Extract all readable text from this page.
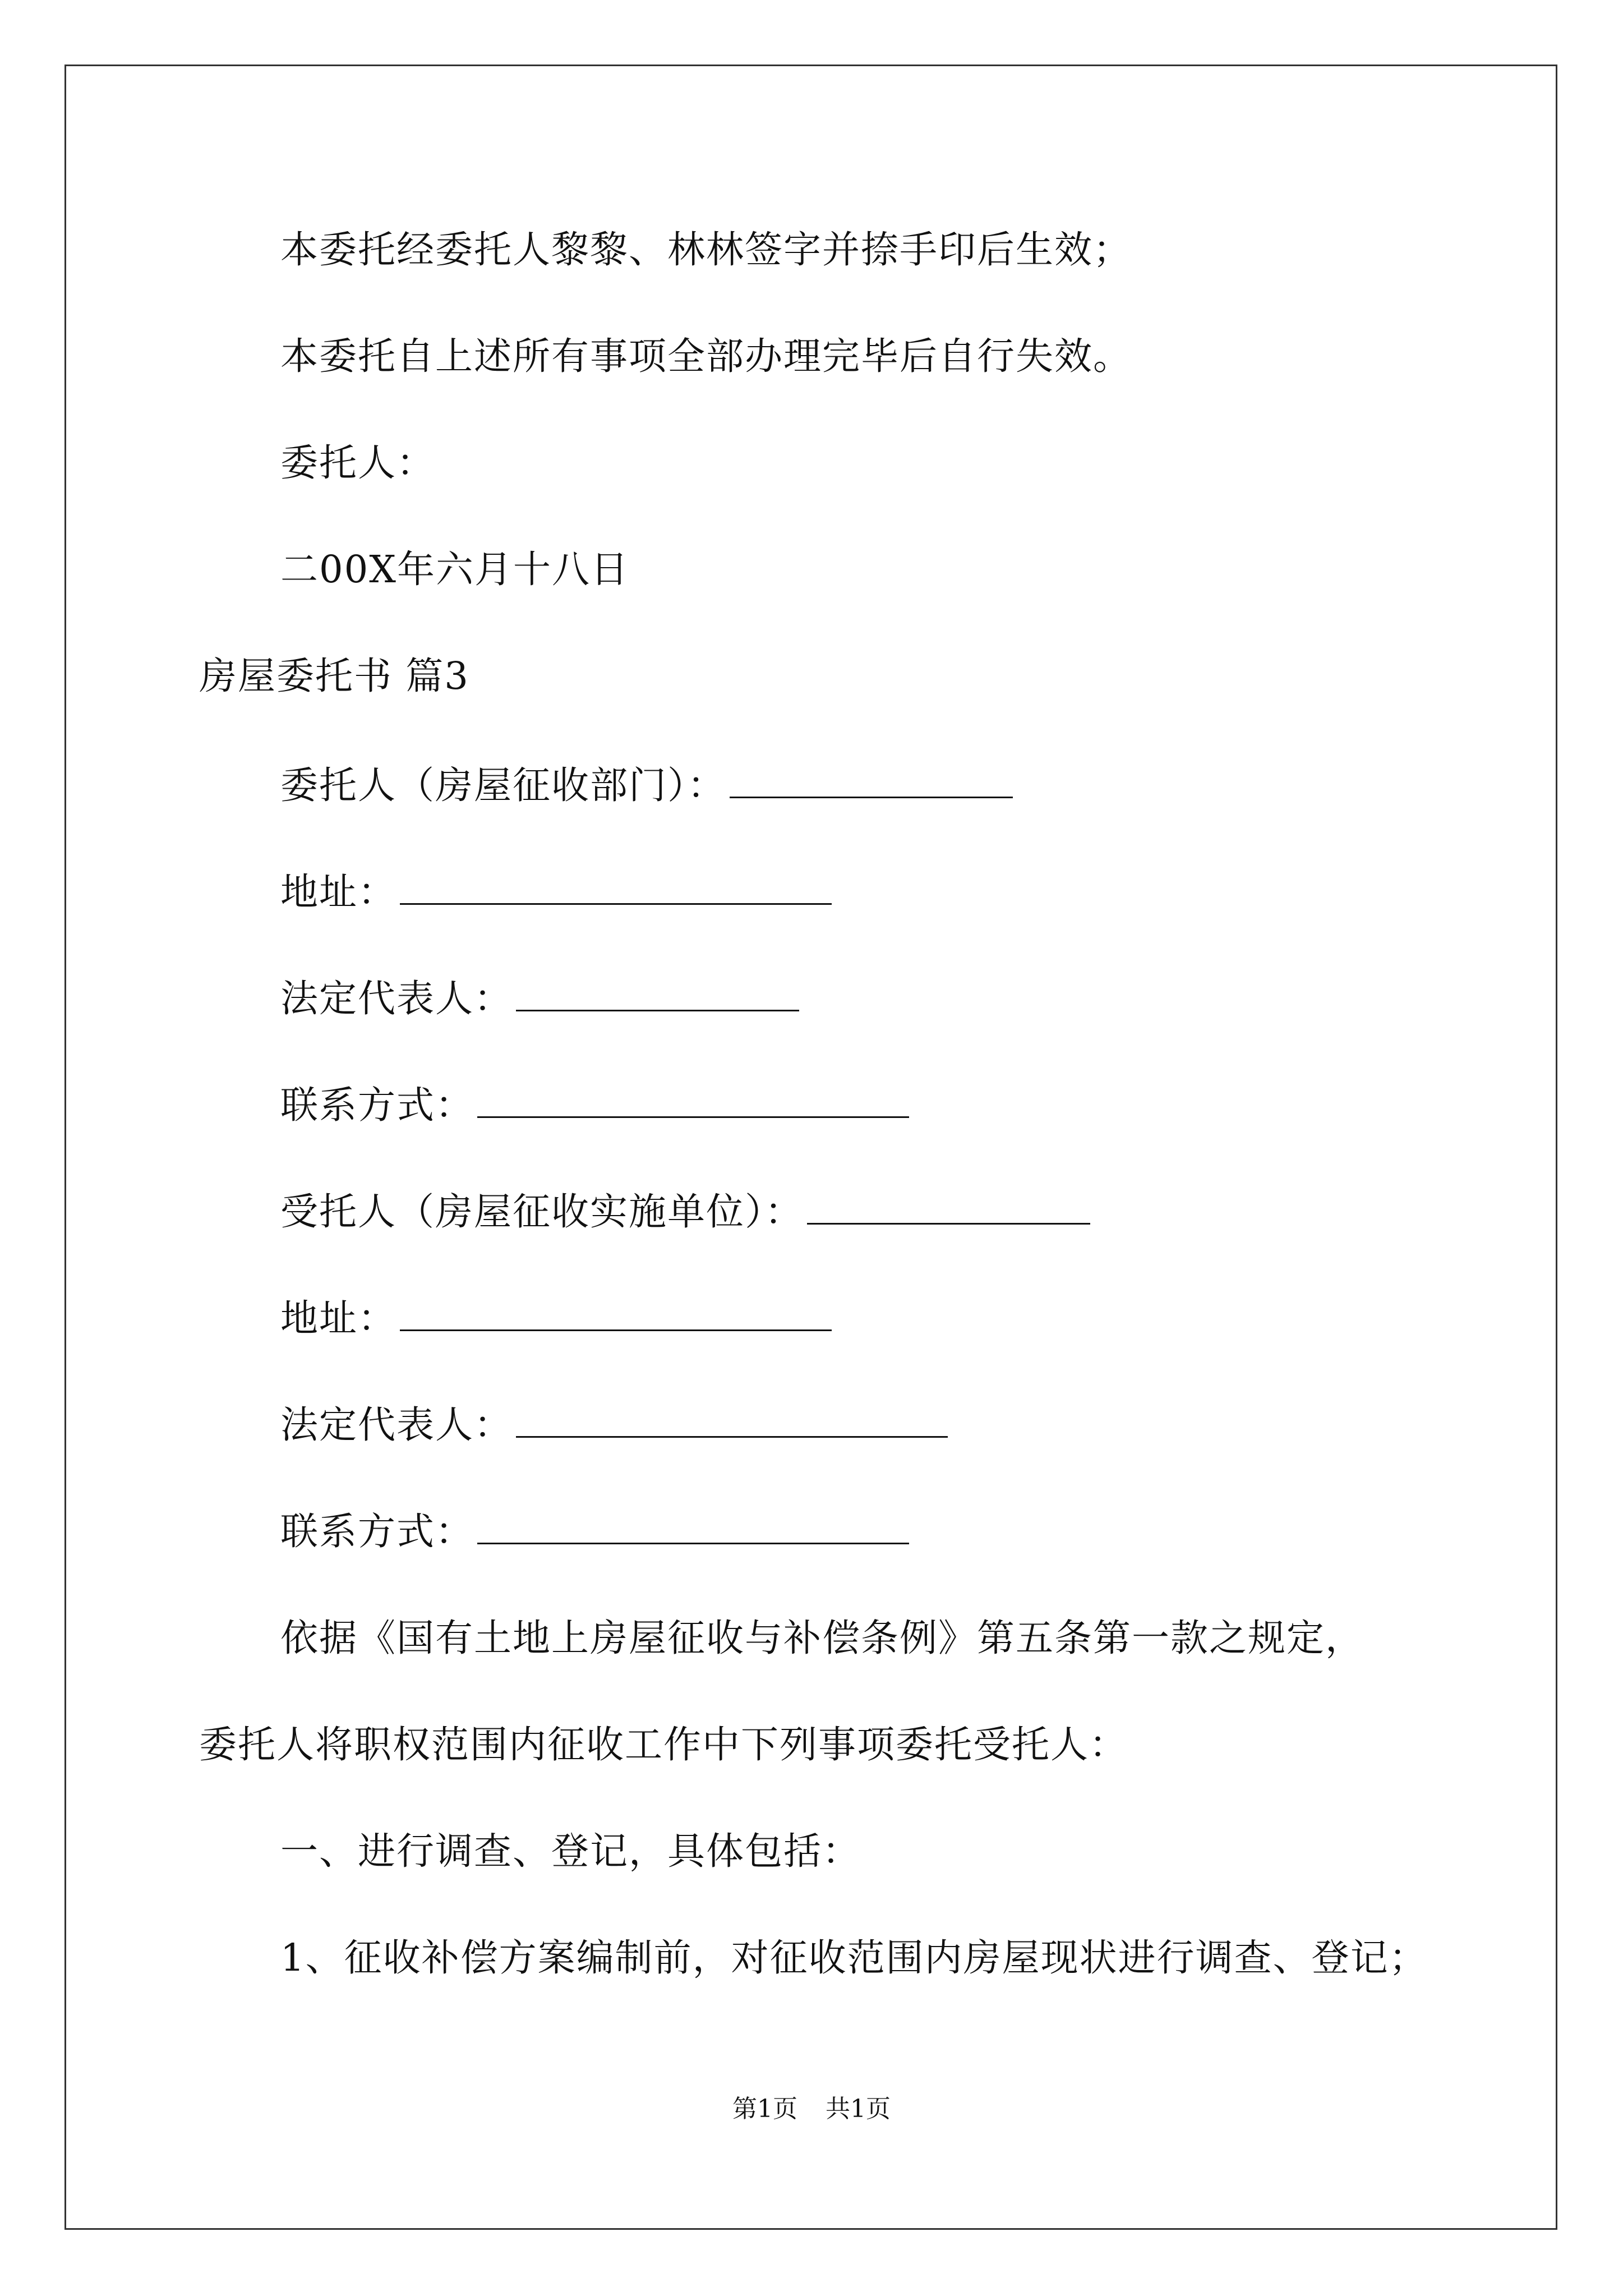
本委托经委托人黎黎、林林签字并捺手印后生效；
本委托自上述所有事项全部办理完毕后自行失效。
委托人：
二00X年六月十八日
房屋委托书 篇3
委托人（房屋征收部门）：
地址：
法定代表人：
联系方式：
受托人（房屋征收实施单位）：
地址：
法定代表人：
联系方式：
依据《国有土地上房屋征收与补偿条例》第五条第一款之规定，
委托人将职权范围内征收工作中下列事项委托受托人：
一、进行调查、登记，具体包括：
1、征收补偿方案编制前，对征收范围内房屋现状进行调查、登记；
第1页 共1页
